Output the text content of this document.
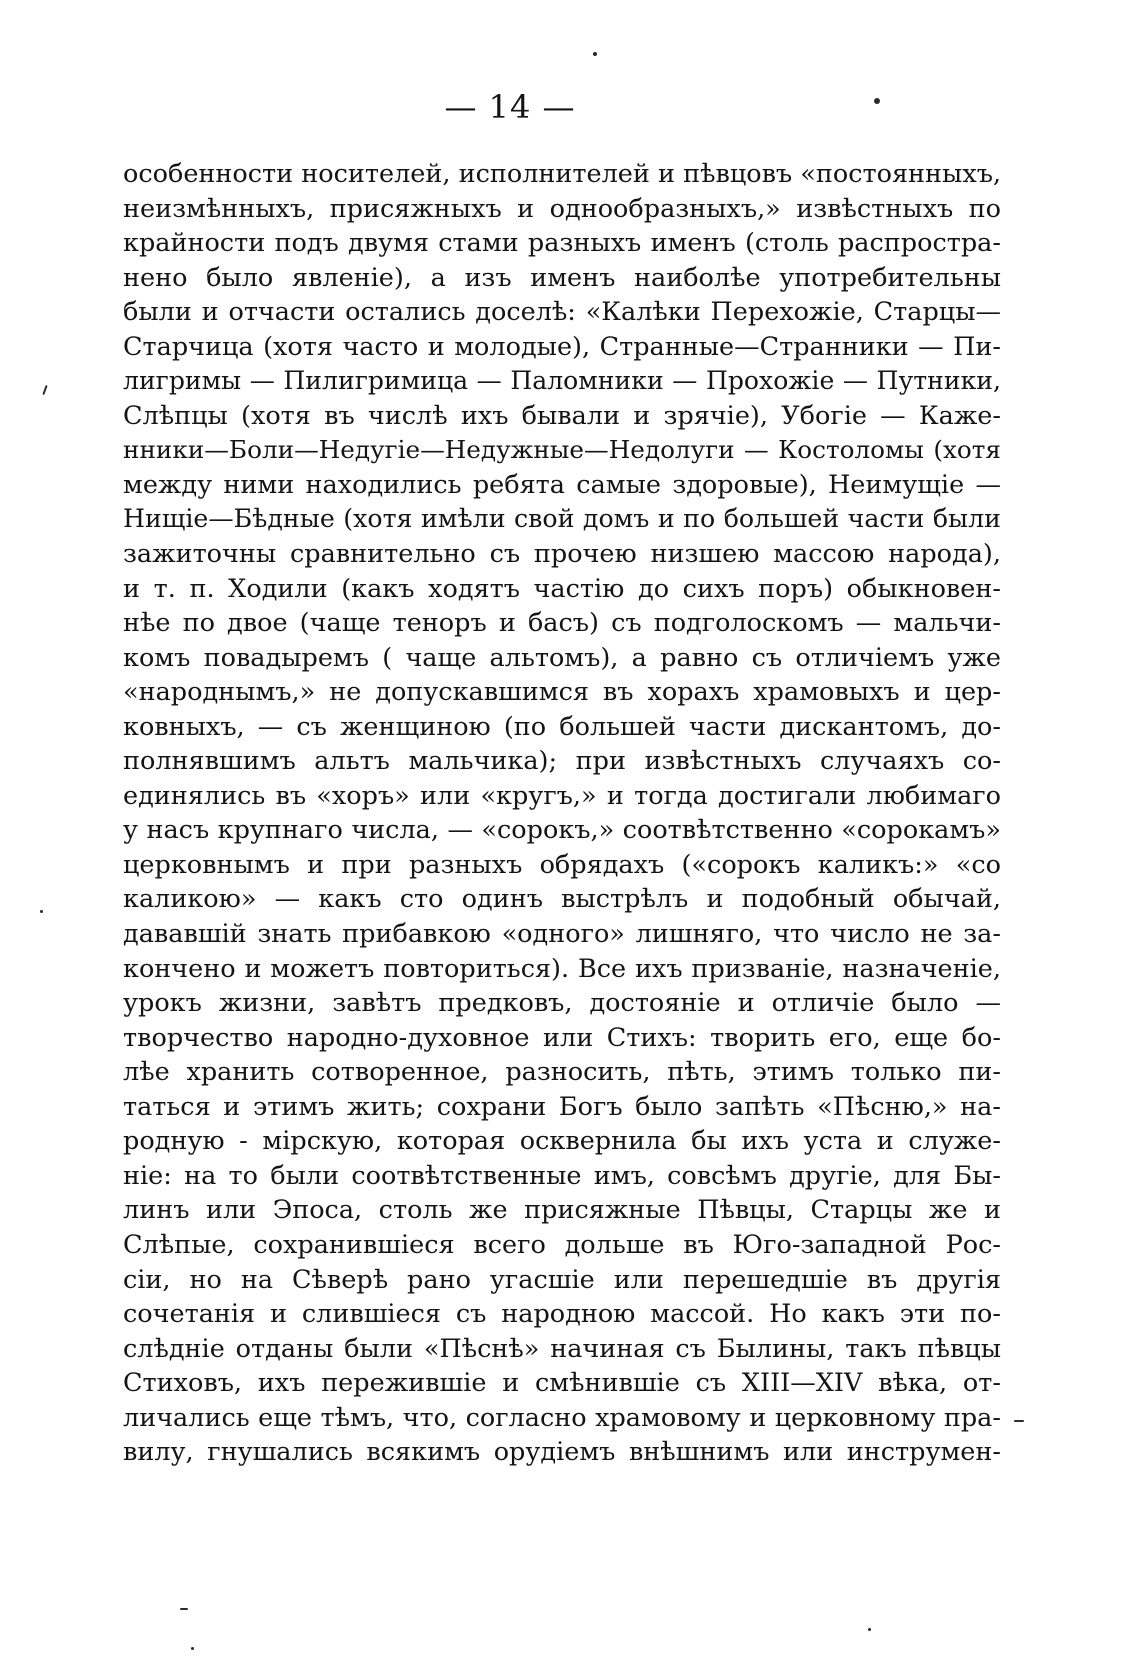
— 14 —
особенности носителей, исполнителей и пѣвцовъ «постоянныхъ,
неизмѣнныхъ, присяжныхъ и однообразныхъ,» извѣстныхъ по
крайности подъ двумя стами разныхъ именъ (столь распростра-
нено было явленіе), а изъ именъ наиболѣе употребительны
были и отчасти остались доселѣ: «Калѣки Перехожіе, Старцы—
Старчица (хотя часто и молодые), Странные—Странники — Пи-
лигримы — Пилигримица — Паломники — Прохожіе — Путники,
Слѣпцы (хотя въ числѣ ихъ бывали и зрячіе), Убогіе — Каже-
нники—Боли—Недугіе—Недужные—Недолуги — Костоломы (хотя
между ними находились ребята самые здоровые), Неимущіе —
Нищіе—Бѣдные (хотя имѣли свой домъ и по большей части были
зажиточны сравнительно съ прочею низшею массою народа),
и т. п. Ходили (какъ ходятъ частію до сихъ поръ) обыкновен-
нѣе по двое (чаще теноръ и басъ) съ подголоскомъ — мальчи-
комъ повадыремъ ( чаще альтомъ), а равно съ отличіемъ уже
«народнымъ,» не допускавшимся въ хорахъ храмовыхъ и цер-
ковныхъ, — съ женщиною (по большей части дискантомъ, до-
полнявшимъ альтъ мальчика); при извѣстныхъ случаяхъ со-
единялись въ «хоръ» или «кругъ,» и тогда достигали любимаго
у насъ крупнаго числа, — «сорокъ,» соотвѣтственно «сорокамъ»
церковнымъ и при разныхъ обрядахъ («сорокъ каликъ:» «со
каликою» — какъ сто одинъ выстрѣлъ и подобный обычай,
дававшій знать прибавкою «одного» лишняго, что число не за-
кончено и можетъ повториться). Все ихъ призваніе, назначеніе,
урокъ жизни, завѣтъ предковъ, достояніе и отличіе было —
творчество народно-духовное или Стихъ: творить его, еще бо-
лѣе хранить сотворенное, разносить, пѣть, этимъ только пи-
таться и этимъ жить; сохрани Богъ было запѣть «Пѣсню,» на-
родную - мірскую, которая осквернила бы ихъ уста и служе-
ніе: на то были соотвѣтственные имъ, совсѣмъ другіе, для Бы-
линъ или Эпоса, столь же присяжные Пѣвцы, Старцы же и
Слѣпые, сохранившіеся всего дольше въ Юго-западной Рос-
сіи, но на Сѣверѣ рано угасшіе или перешедшіе въ другія
сочетанія и слившіеся съ народною массой. Но какъ эти по-
слѣдніе отданы были «Пѣснѣ» начиная съ Былины, такъ пѣвцы
Стиховъ, ихъ пережившіе и смѣнившіе съ XIII—XIV вѣка, от-
личались еще тѣмъ, что, согласно храмовому и церковному пра-
вилу, гнушались всякимъ орудіемъ внѣшнимъ или инструмен-
